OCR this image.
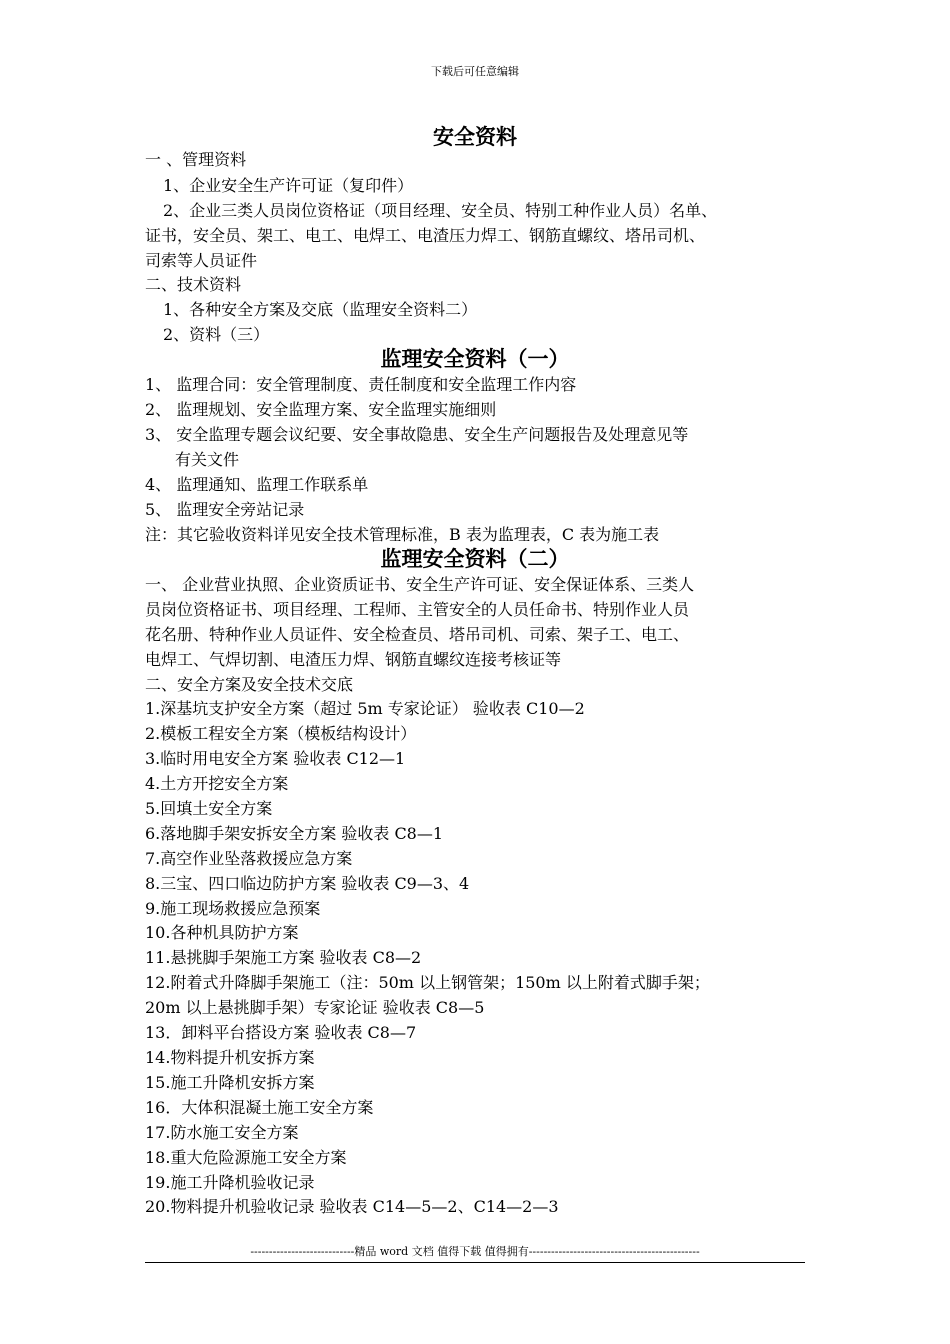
下载后可任意编辑
安全资料
一 、管理资料
1、企业安全生产许可证（复印件）
2、企业三类人员岗位资格证（项目经理、安全员、特别工种作业人员）名单、
证书，安全员、架工、电工、电焊工、电渣压力焊工、钢筋直螺纹、塔吊司机、
司索等人员证件
二、技术资料
1、各种安全方案及交底（监理安全资料二）
2、资料（三）
监理安全资料（一）
1、 监理合同：安全管理制度、责任制度和安全监理工作内容
2、 监理规划、安全监理方案、安全监理实施细则
3、 安全监理专题会议纪要、安全事故隐患、安全生产问题报告及处理意见等
有关文件
4、 监理通知、监理工作联系单
5、 监理安全旁站记录
注：其它验收资料详见安全技术管理标准，B 表为监理表，C 表为施工表
监理安全资料（二）
一、 企业营业执照、企业资质证书、安全生产许可证、安全保证体系、三类人
员岗位资格证书、项目经理、工程师、主管安全的人员任命书、特别作业人员
花名册、特种作业人员证件、安全检查员、塔吊司机、司索、架子工、电工、
电焊工、气焊切割、电渣压力焊、钢筋直螺纹连接考核证等
二、安全方案及安全技术交底
1.深基坑支护安全方案（超过 5m 专家论证） 验收表 C10—2
2.模板工程安全方案（模板结构设计）
3.临时用电安全方案 验收表 C12—1
4.土方开挖安全方案
5.回填土安全方案
6.落地脚手架安拆安全方案 验收表 C8—1
7.高空作业坠落救援应急方案
8.三宝、四口临边防护方案 验收表 C9—3、4
9.施工现场救援应急预案
10.各种机具防护方案
11.悬挑脚手架施工方案 验收表 C8—2
12.附着式升降脚手架施工（注：50m 以上钢管架；150m 以上附着式脚手架；
20m 以上悬挑脚手架）专家论证 验收表 C8—5
13．卸料平台搭设方案 验收表 C8—7
14.物料提升机安拆方案
15.施工升降机安拆方案
16．大体积混凝土施工安全方案
17.防水施工安全方案
18.重大危险源施工安全方案
19.施工升降机验收记录
20.物料提升机验收记录 验收表 C14—5—2、C14—2—3
----------------------------精品 word 文档 值得下载 值得拥有----------------------------------------------
